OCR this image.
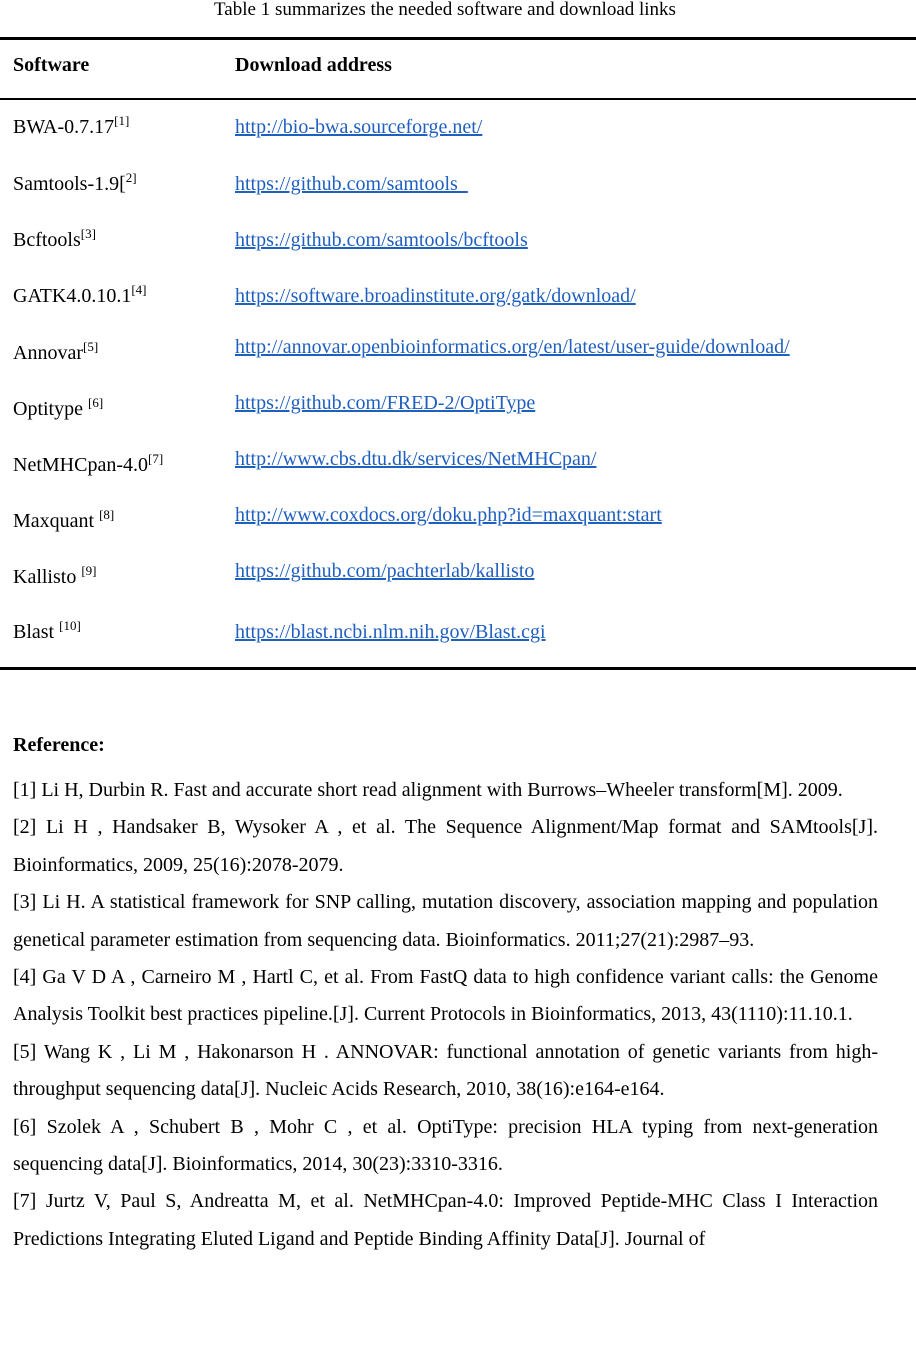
Table 1 summarizes the needed software and download links
Software	Download address
BWA-0.7.17[1]	http://bio-bwa.sourceforge.net/
Samtools-1.9[$^{2]}$	https://github.com/samtools
Bcftools[3]	https://github.com/samtools/bcftools
GATK4.0.10.1[4]	https://software.broadinstitute.org/gatk/download/
Annovar[5]	http://annovar.openbioinformatics.org/en/latest/user-guide/download/
Optitype [6]	https://github.com/FRED-2/OptiType
NetMHCpan-4.0[7]	http://www.cbs.dtu.dk/services/NetMHCpan/
Maxquant [8]	http://www.coxdocs.org/doku.php?id=maxquant:start
Kallisto [9]	https://github.com/pachterlab/kallisto
Blast [10]	https://blast.ncbi.nlm.nih.gov/Blast.cgi
Reference:

[1] Li H, Durbin R. Fast and accurate short read alignment with Burrows–Wheeler transform[M]. 2009.

[2] Li H , Handsaker B, Wysoker A , et al. The Sequence Alignment/Map format and SAMtools[J]. Bioinformatics, 2009, 25(16):2078-2079.

[3] Li H. A statistical framework for SNP calling, mutation discovery, association mapping and population genetical parameter estimation from sequencing data. Bioinformatics. 2011;27(21):2987–93.

[4] Ga V D A , Carneiro M , Hartl C, et al. From FastQ data to high confidence variant calls: the Genome Analysis Toolkit best practices pipeline.[J]. Current Protocols in Bioinformatics, 2013, 43(1110):11.10.1.

[5] Wang K , Li M , Hakonarson H . ANNOVAR: functional annotation of genetic variants from high-throughput sequencing data[J]. Nucleic Acids Research, 2010, 38(16):e164-e164.

[6] Szolek A , Schubert B , Mohr C , et al. OptiType: precision HLA typing from next-generation sequencing data[J]. Bioinformatics, 2014, 30(23):3310-3316.

[7] Jurtz V, Paul S, Andreatta M, et al. NetMHCpan-4.0: Improved Peptide-MHC Class I Interaction Predictions Integrating Eluted Ligand and Peptide Binding Affinity Data[J]. Journal of
